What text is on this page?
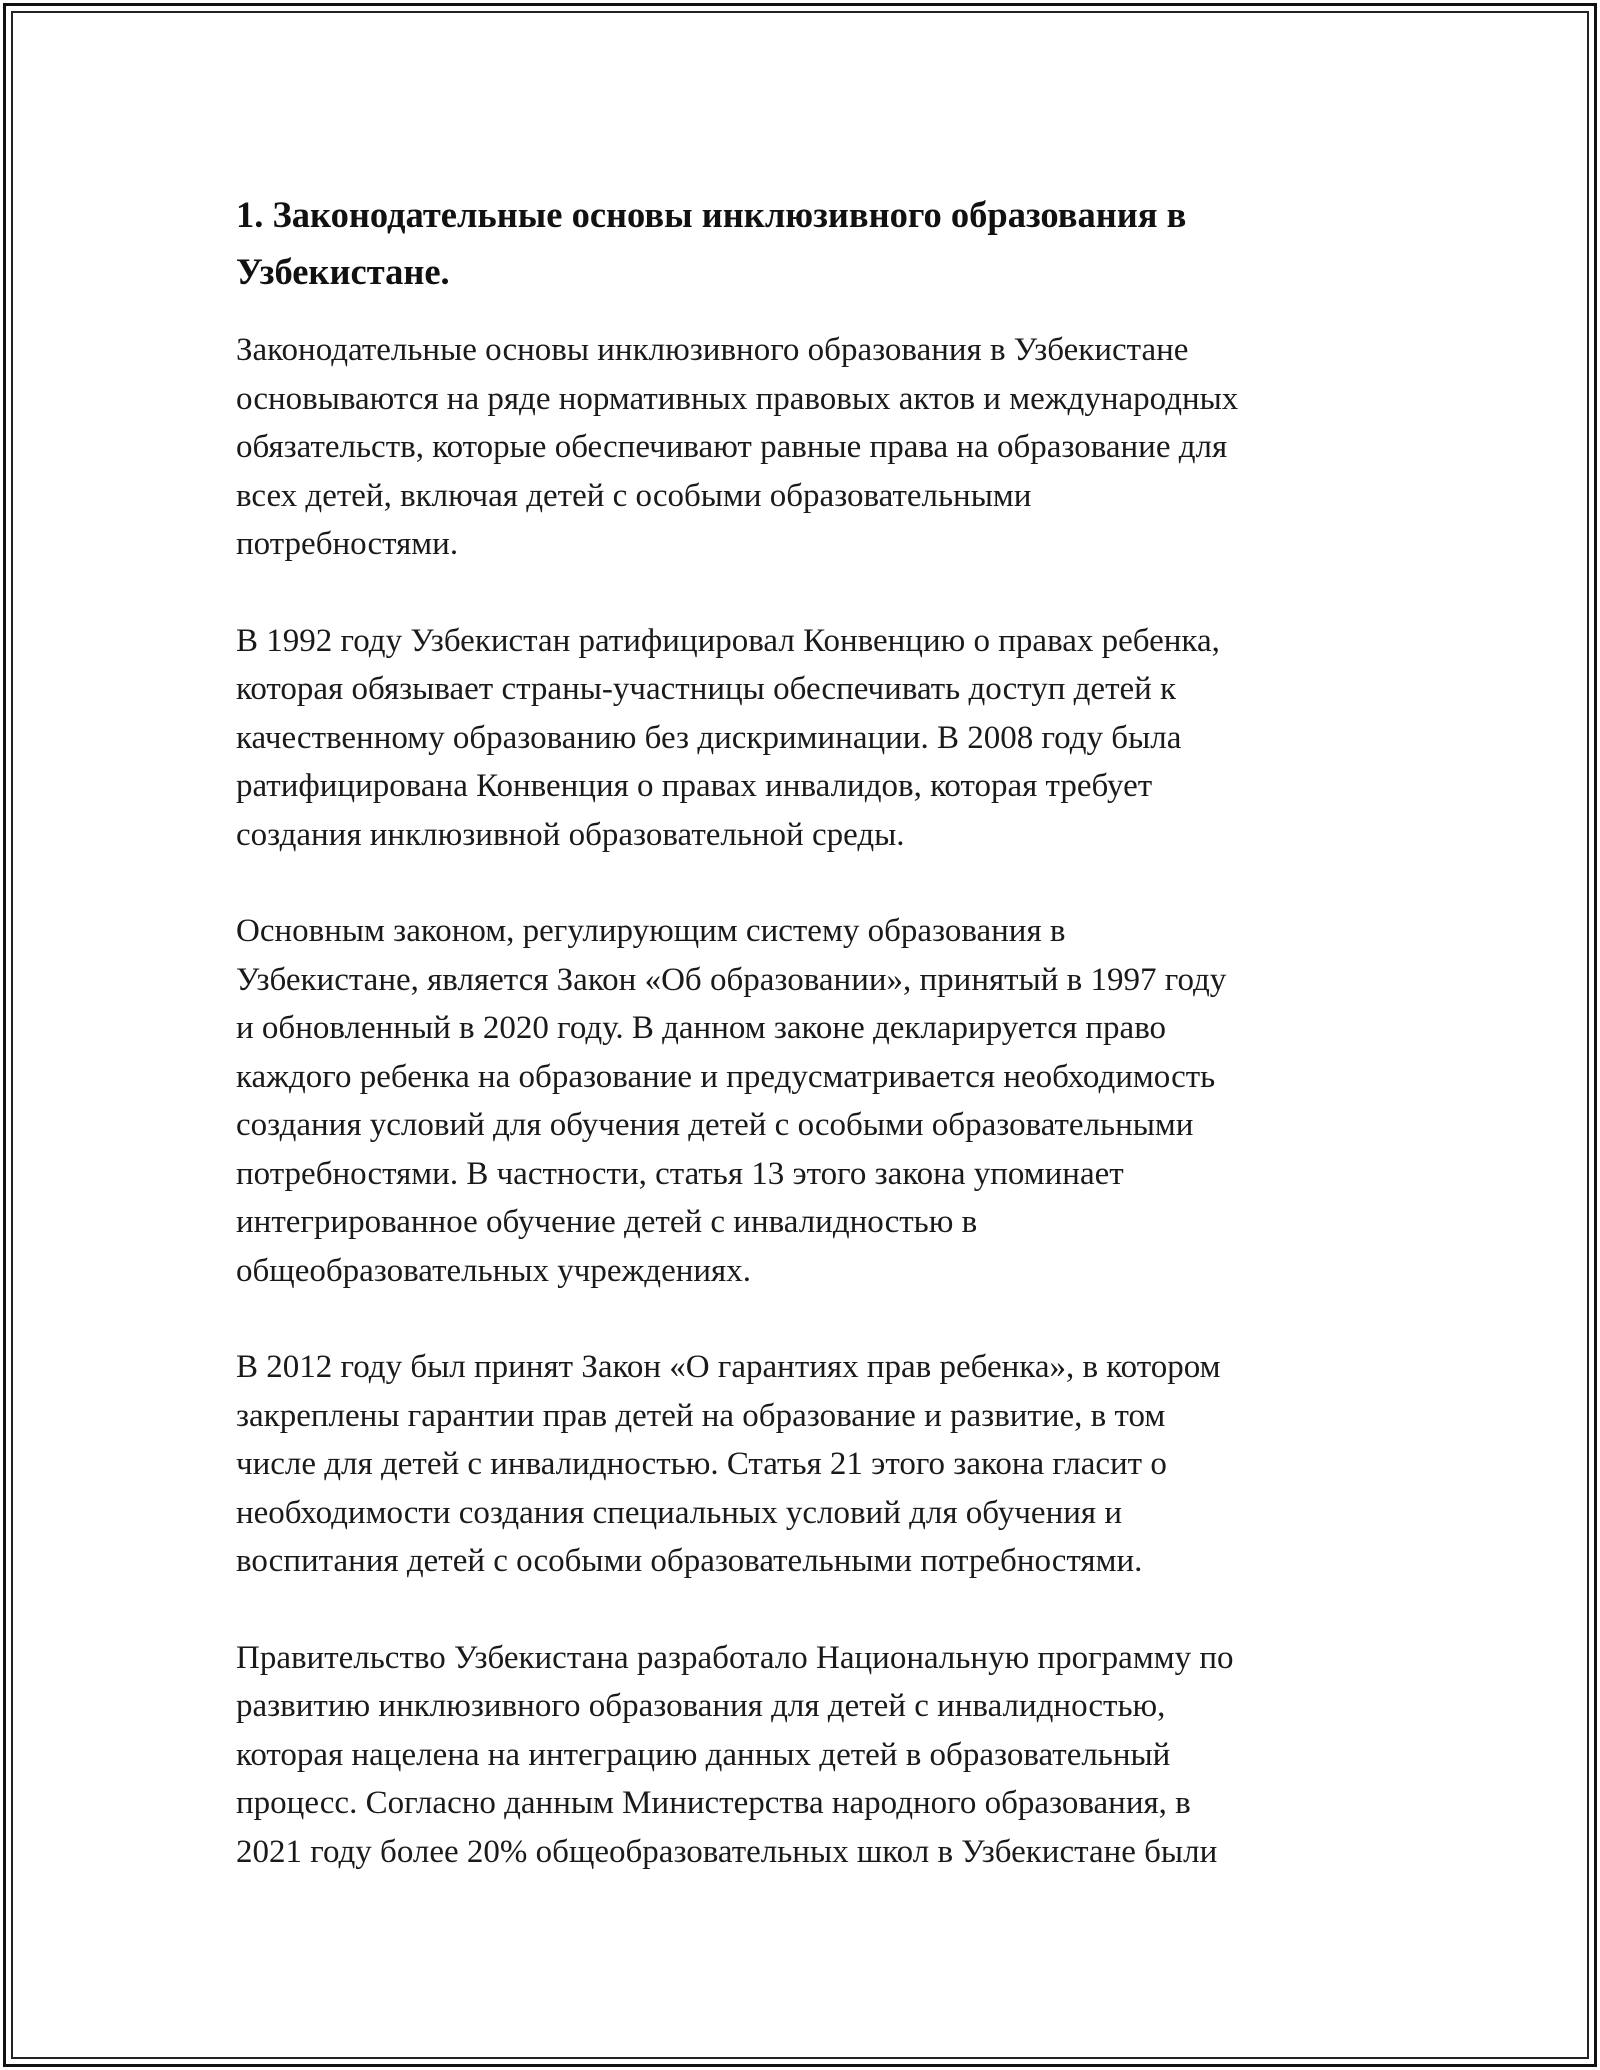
1. Законодательные основы инклюзивного образования в
Узбекистане.

Законодательные основы инклюзивного образования в Узбекистане
основываются на ряде нормативных правовых актов и международных
обязательств, которые обеспечивают равные права на образование для
всех детей, включая детей с особыми образовательными
потребностями.

В 1992 году Узбекистан ратифицировал Конвенцию о правах ребенка,
которая обязывает страны-участницы обеспечивать доступ детей к
качественному образованию без дискриминации. В 2008 году была
ратифицирована Конвенция о правах инвалидов, которая требует
создания инклюзивной образовательной среды.

Основным законом, регулирующим систему образования в
Узбекистане, является Закон «Об образовании», принятый в 1997 году
и обновленный в 2020 году. В данном законе декларируется право
каждого ребенка на образование и предусматривается необходимость
создания условий для обучения детей с особыми образовательными
потребностями. В частности, статья 13 этого закона упоминает
интегрированное обучение детей с инвалидностью в
общеобразовательных учреждениях.

В 2012 году был принят Закон «О гарантиях прав ребенка», в котором
закреплены гарантии прав детей на образование и развитие, в том
числе для детей с инвалидностью. Статья 21 этого закона гласит о
необходимости создания специальных условий для обучения и
воспитания детей с особыми образовательными потребностями.

Правительство Узбекистана разработало Национальную программу по
развитию инклюзивного образования для детей с инвалидностью,
которая нацелена на интеграцию данных детей в образовательный
процесс. Согласно данным Министерства народного образования, в
2021 году более 20% общеобразовательных школ в Узбекистане были
